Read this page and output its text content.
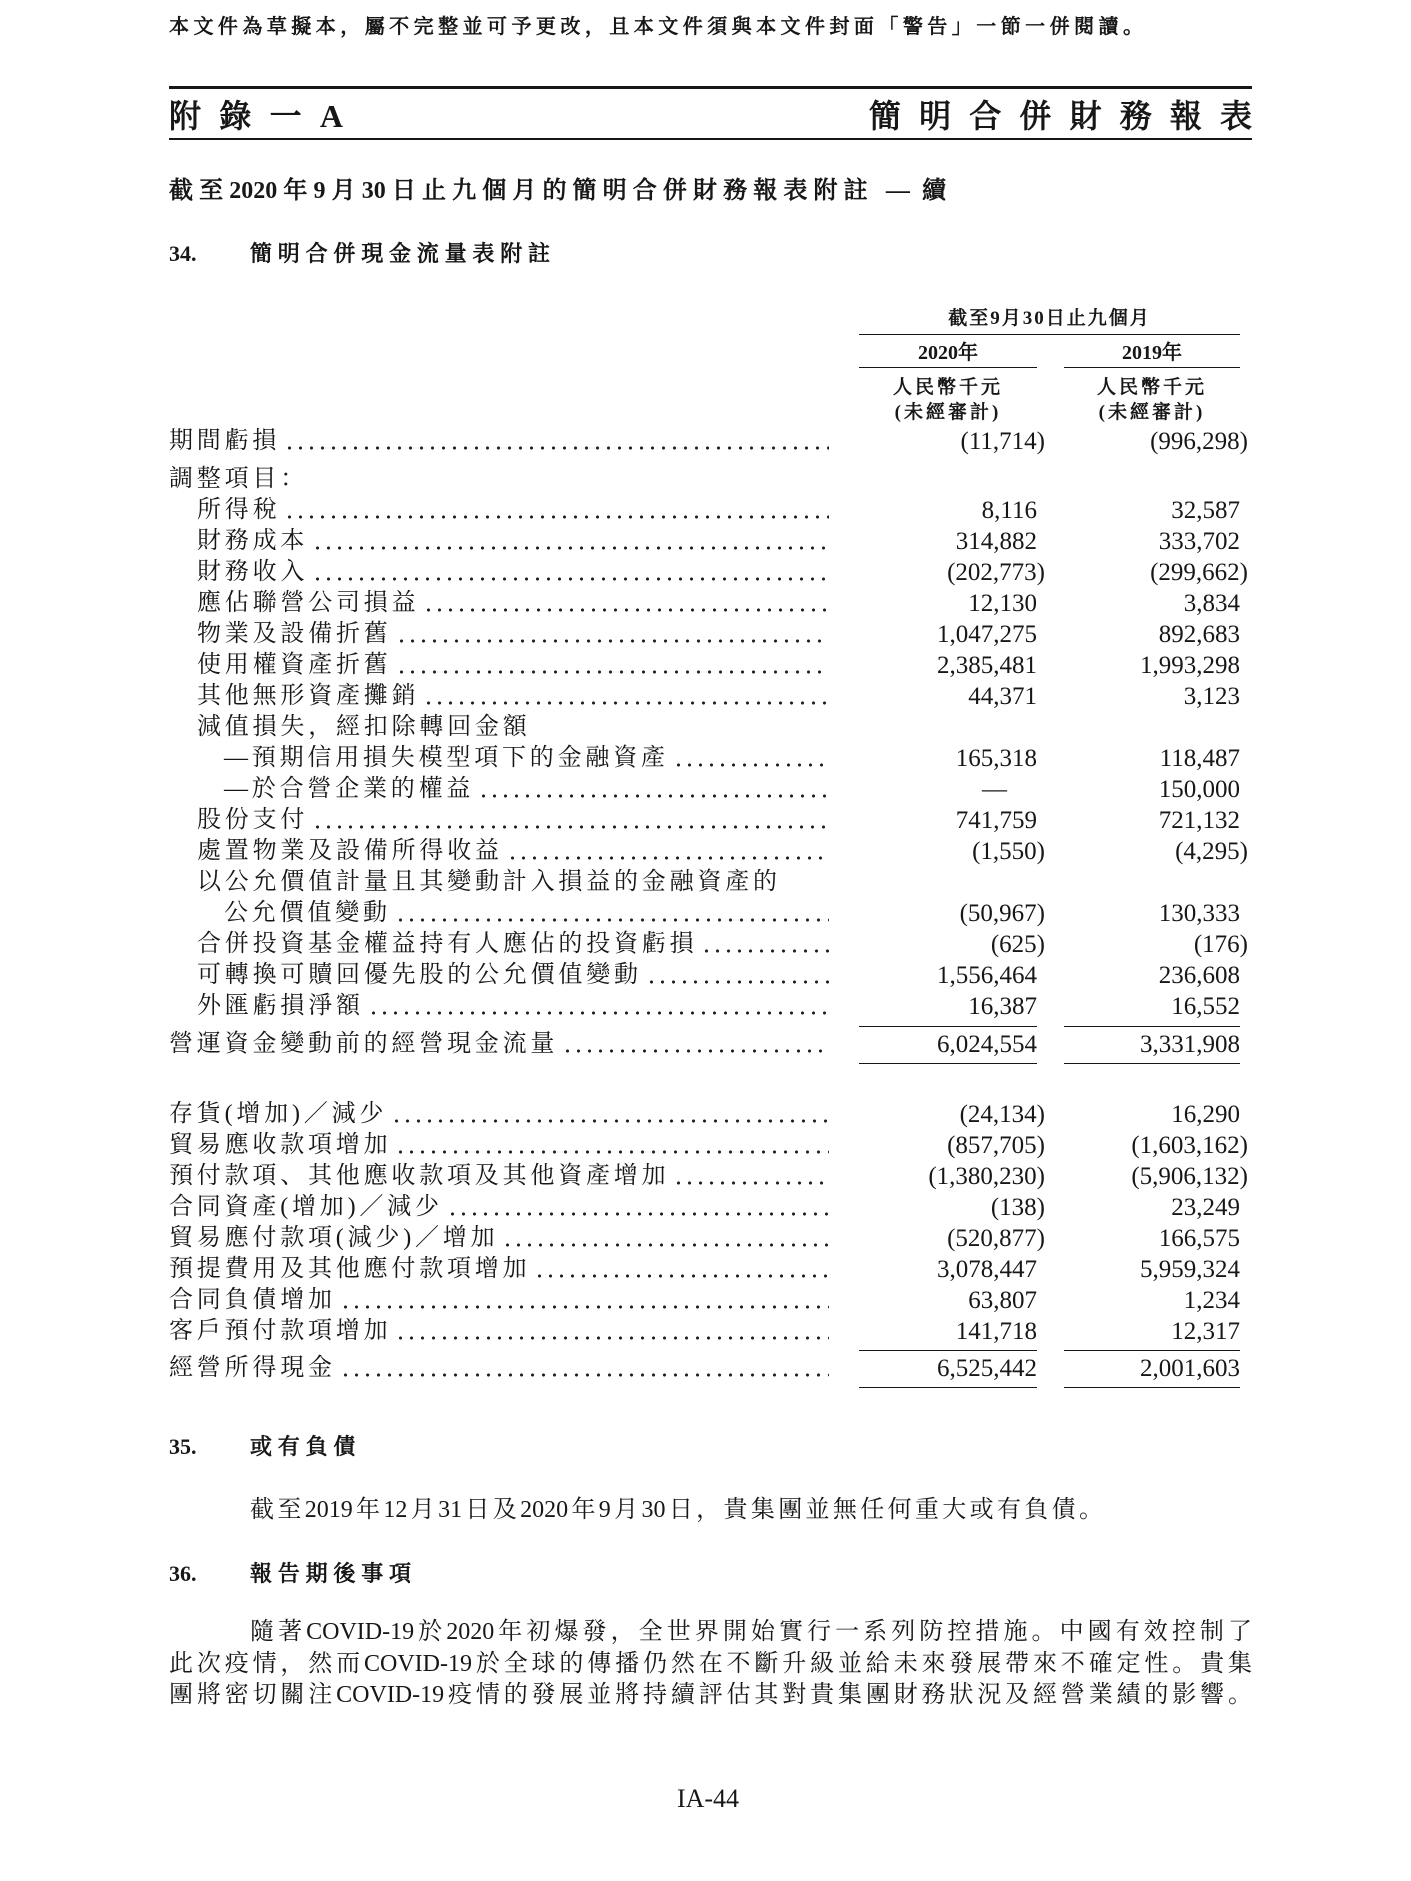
本文件為草擬本，屬不完整並可予更改，且本文件須與本文件封面「警告」一節一併閱讀。
附錄一A	簡明合併財務報表
截至2020年9月30日止九個月的簡明合併財務報表附註 — 續
34. 簡明合併現金流量表附註
截至9月30日止九個月
2020年	2019年
人民幣千元	人民幣千元
(未經審計)	(未經審計)
期間虧損	(11,714)	(996,298)
調整項目：
所得稅	8,116	32,587
財務成本	314,882	333,702
財務收入	(202,773)	(299,662)
應佔聯營公司損益	12,130	3,834
物業及設備折舊	1,047,275	892,683
使用權資產折舊	2,385,481	1,993,298
其他無形資產攤銷	44,371	3,123
減值損失，經扣除轉回金額
—預期信用損失模型項下的金融資產	165,318	118,487
—於合營企業的權益	—	150,000
股份支付	741,759	721,132
處置物業及設備所得收益	(1,550)	(4,295)
以公允價值計量且其變動計入損益的金融資產的
公允價值變動	(50,967)	130,333
合併投資基金權益持有人應佔的投資虧損	(625)	(176)
可轉換可贖回優先股的公允價值變動	1,556,464	236,608
外匯虧損淨額	16,387	16,552
營運資金變動前的經營現金流量	6,024,554	3,331,908
存貨(增加)／減少	(24,134)	16,290
貿易應收款項增加	(857,705)	(1,603,162)
預付款項、其他應收款項及其他資產增加	(1,380,230)	(5,906,132)
合同資產(增加)／減少	(138)	23,249
貿易應付款項(減少)／增加	(520,877)	166,575
預提費用及其他應付款項增加	3,078,447	5,959,324
合同負債增加	63,807	1,234
客戶預付款項增加	141,718	12,317
經營所得現金	6,525,442	2,001,603
35. 或有負債
截至2019年12月31日及2020年9月30日，貴集團並無任何重大或有負債。
36. 報告期後事項
隨著COVID-19於2020年初爆發，全世界開始實行一系列防控措施。中國有效控制了
此次疫情，然而COVID-19於全球的傳播仍然在不斷升級並給未來發展帶來不確定性。貴集
團將密切關注COVID-19疫情的發展並將持續評估其對貴集團財務狀況及經營業績的影響。
IA-44
